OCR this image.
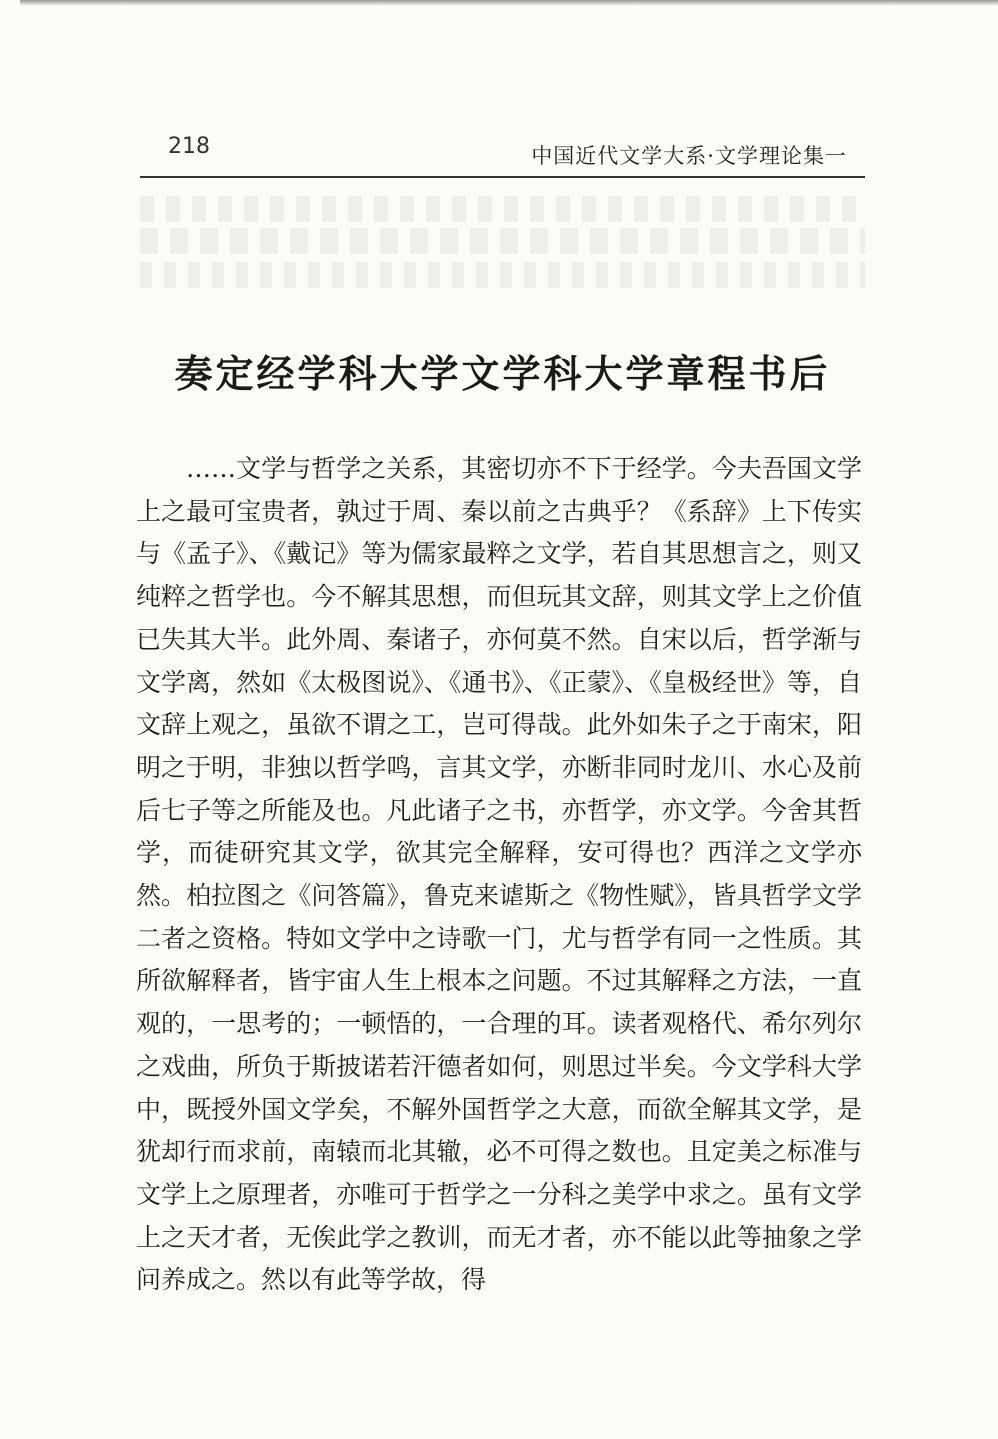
218	中国近代文学大系·文学理论集一
奏定经学科大学文学科大学章程书后

……文学与哲学之关系，其密切亦不下于经学。今夫吾国文学上之最可宝贵者，孰过于周、秦以前之古典乎？《系辞》上下传实与《孟子》、《戴记》等为儒家最粹之文学，若自其思想言之，则又纯粹之哲学也。今不解其思想，而但玩其文辞，则其文学上之价值已失其大半。此外周、秦诸子，亦何莫不然。自宋以后，哲学渐与文学离，然如《太极图说》、《通书》、《正蒙》、《皇极经世》等，自文辞上观之，虽欲不谓之工，岂可得哉。此外如朱子之于南宋，阳明之于明，非独以哲学鸣，言其文学，亦断非同时龙川、水心及前后七子等之所能及也。凡此诸子之书，亦哲学，亦文学。今舍其哲学，而徒研究其文学，欲其完全解释，安可得也？西洋之文学亦然。柏拉图之《问答篇》，鲁克来谑斯之《物性赋》，皆具哲学文学二者之资格。特如文学中之诗歌一门，尤与哲学有同一之性质。其所欲解释者，皆宇宙人生上根本之问题。不过其解释之方法，一直观的，一思考的；一顿悟的，一合理的耳。读者观格代、希尔列尔之戏曲，所负于斯披诺若汗德者如何，则思过半矣。今文学科大学中，既授外国文学矣，不解外国哲学之大意，而欲全解其文学，是犹却行而求前，南辕而北其辙，必不可得之数也。且定美之标准与文学上之原理者，亦唯可于哲学之一分科之美学中求之。虽有文学上之天才者，无俟此学之教训，而无才者，亦不能以此等抽象之学问养成之。然以有此等学故，得
